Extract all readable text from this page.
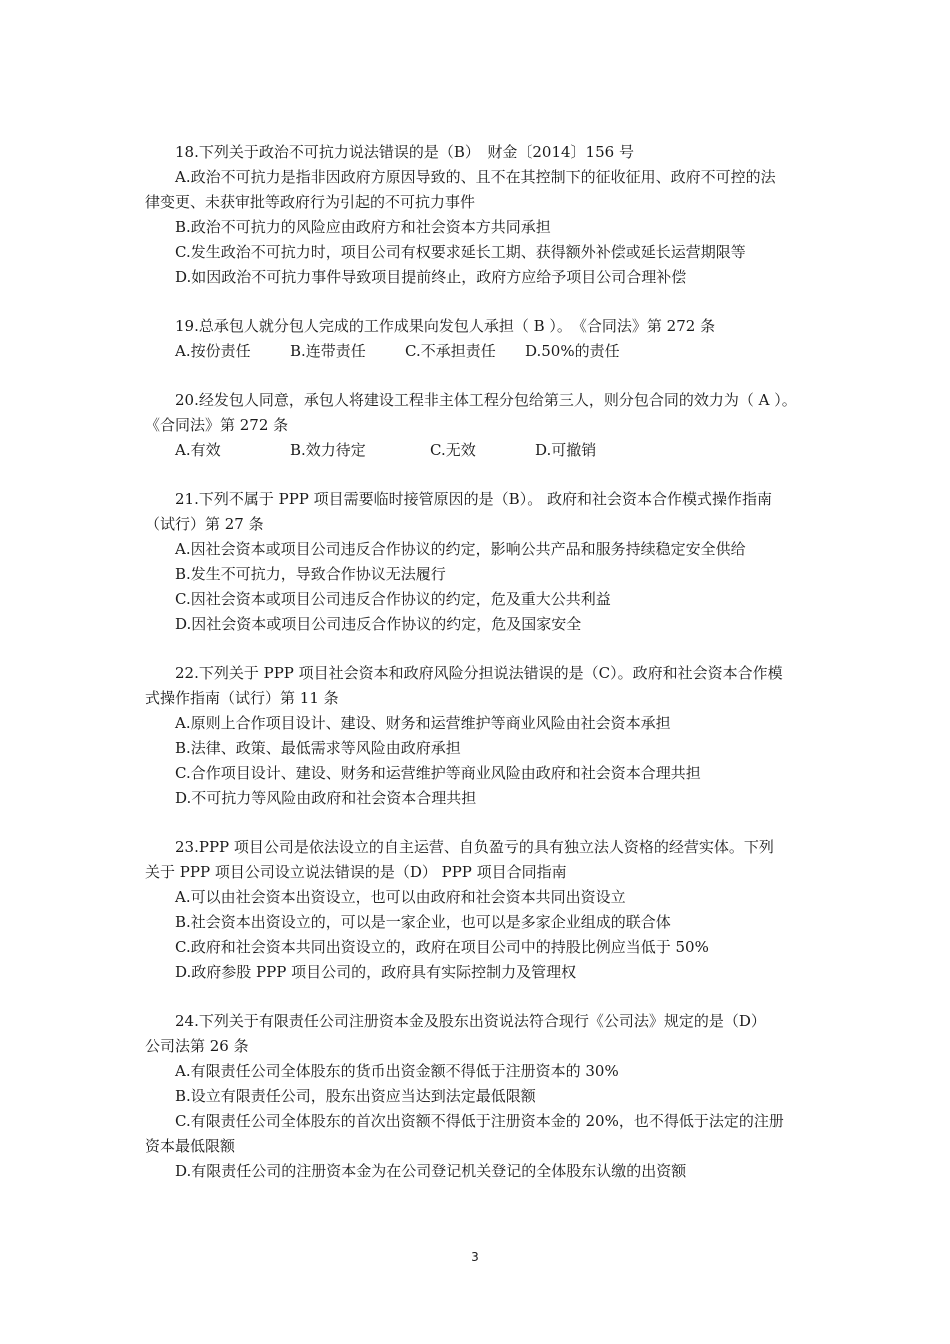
18.下列关于政治不可抗力说法错误的是（B）　财金〔2014〕156 号
A.政治不可抗力是指非因政府方原因导致的、且不在其控制下的征收征用、政府不可控的法
律变更、未获审批等政府行为引起的不可抗力事件
B.政治不可抗力的风险应由政府方和社会资本方共同承担
C.发生政治不可抗力时，项目公司有权要求延长工期、获得额外补偿或延长运营期限等
D.如因政治不可抗力事件导致项目提前终止，政府方应给予项目公司合理补偿
19.总承包人就分包人完成的工作成果向发包人承担（ B ）。　《合同法》第 272 条
A.按份责任	B.连带责任	C.不承担责任 D.50%的责任
20.经发包人同意，承包人将建设工程非主体工程分包给第三人，则分包合同的效力为（ A ）。
《合同法》第 272 条
A.有效	B.效力待定	C.无效	D.可撤销
21.下列不属于 PPP 项目需要临时接管原因的是（B）。 政府和社会资本合作模式操作指南
（试行）第 27 条
A.因社会资本或项目公司违反合作协议的约定，影响公共产品和服务持续稳定安全供给
B.发生不可抗力，导致合作协议无法履行
C.因社会资本或项目公司违反合作协议的约定，危及重大公共利益
D.因社会资本或项目公司违反合作协议的约定，危及国家安全
22.下列关于 PPP 项目社会资本和政府风险分担说法错误的是（C）。政府和社会资本合作模
式操作指南（试行）第 11 条
A.原则上合作项目设计、建设、财务和运营维护等商业风险由社会资本承担
B.法律、政策、最低需求等风险由政府承担
C.合作项目设计、建设、财务和运营维护等商业风险由政府和社会资本合理共担
D.不可抗力等风险由政府和社会资本合理共担
23.PPP 项目公司是依法设立的自主运营、自负盈亏的具有独立法人资格的经营实体。下列
关于 PPP 项目公司设立说法错误的是（D） PPP 项目合同指南
A.可以由社会资本出资设立，也可以由政府和社会资本共同出资设立
B.社会资本出资设立的，可以是一家企业，也可以是多家企业组成的联合体
C.政府和社会资本共同出资设立的，政府在项目公司中的持股比例应当低于 50%
D.政府参股 PPP 项目公司的，政府具有实际控制力及管理权
24.下列关于有限责任公司注册资本金及股东出资说法符合现行《公司法》规定的是（D）
公司法第 26 条
A.有限责任公司全体股东的货币出资金额不得低于注册资本的 30%
B.设立有限责任公司，股东出资应当达到法定最低限额
C.有限责任公司全体股东的首次出资额不得低于注册资本金的 20%，也不得低于法定的注册
资本最低限额
D.有限责任公司的注册资本金为在公司登记机关登记的全体股东认缴的出资额
3
